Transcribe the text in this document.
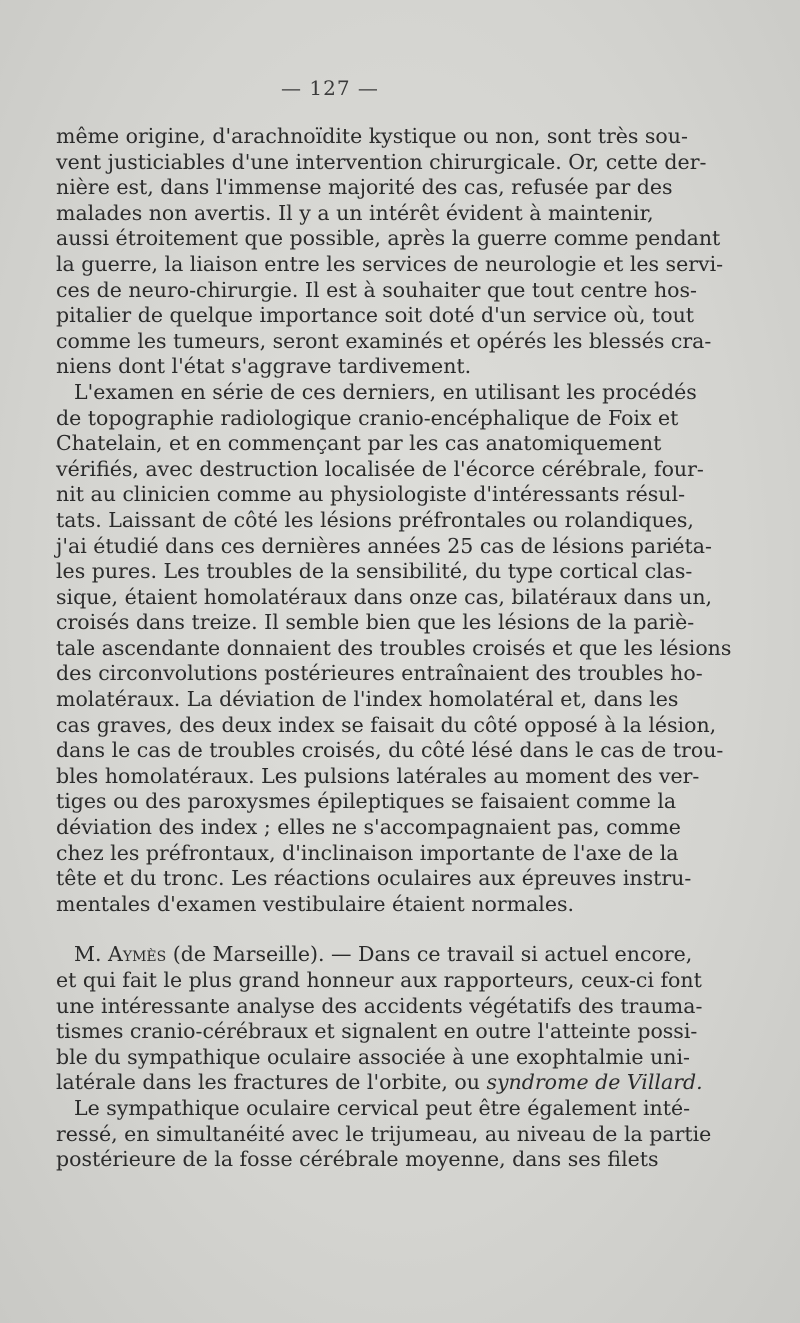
— 127 —
même origine, d'arachnoïdite kystique ou non, sont très sou-
vent justiciables d'une intervention chirurgicale. Or, cette der-
nière est, dans l'immense majorité des cas, refusée par des
malades non avertis. Il y a un intérêt évident à maintenir,
aussi étroitement que possible, après la guerre comme pendant
la guerre, la liaison entre les services de neurologie et les servi-
ces de neuro-chirurgie. Il est à souhaiter que tout centre hos-
pitalier de quelque importance soit doté d'un service où, tout
comme les tumeurs, seront examinés et opérés les blessés cra-
niens dont l'état s'aggrave tardivement.
L'examen en série de ces derniers, en utilisant les procédés
de topographie radiologique cranio-encéphalique de Foix et
Chatelain, et en commençant par les cas anatomiquement
vérifiés, avec destruction localisée de l'écorce cérébrale, four-
nit au clinicien comme au physiologiste d'intéressants résul-
tats. Laissant de côté les lésions préfrontales ou rolandiques,
j'ai étudié dans ces dernières années 25 cas de lésions pariéta-
les pures. Les troubles de la sensibilité, du type cortical clas-
sique, étaient homolatéraux dans onze cas, bilatéraux dans un,
croisés dans treize. Il semble bien que les lésions de la pariè-
tale ascendante donnaient des troubles croisés et que les lésions
des circonvolutions postérieures entraînaient des troubles ho-
molatéraux. La déviation de l'index homolatéral et, dans les
cas graves, des deux index se faisait du côté opposé à la lésion,
dans le cas de troubles croisés, du côté lésé dans le cas de trou-
bles homolatéraux. Les pulsions latérales au moment des ver-
tiges ou des paroxysmes épileptiques se faisaient comme la
déviation des index ; elles ne s'accompagnaient pas, comme
chez les préfrontaux, d'inclinaison importante de l'axe de la
tête et du tronc. Les réactions oculaires aux épreuves instru-
mentales d'examen vestibulaire étaient normales.
M. Aymès (de Marseille). — Dans ce travail si actuel encore,
et qui fait le plus grand honneur aux rapporteurs, ceux-ci font
une intéressante analyse des accidents végétatifs des trauma-
tismes cranio-cérébraux et signalent en outre l'atteinte possi-
ble du sympathique oculaire associée à une exophtalmie uni-
latérale dans les fractures de l'orbite, ou syndrome de Villard.
Le sympathique oculaire cervical peut être également inté-
ressé, en simultanéité avec le trijumeau, au niveau de la partie
postérieure de la fosse cérébrale moyenne, dans ses filets
